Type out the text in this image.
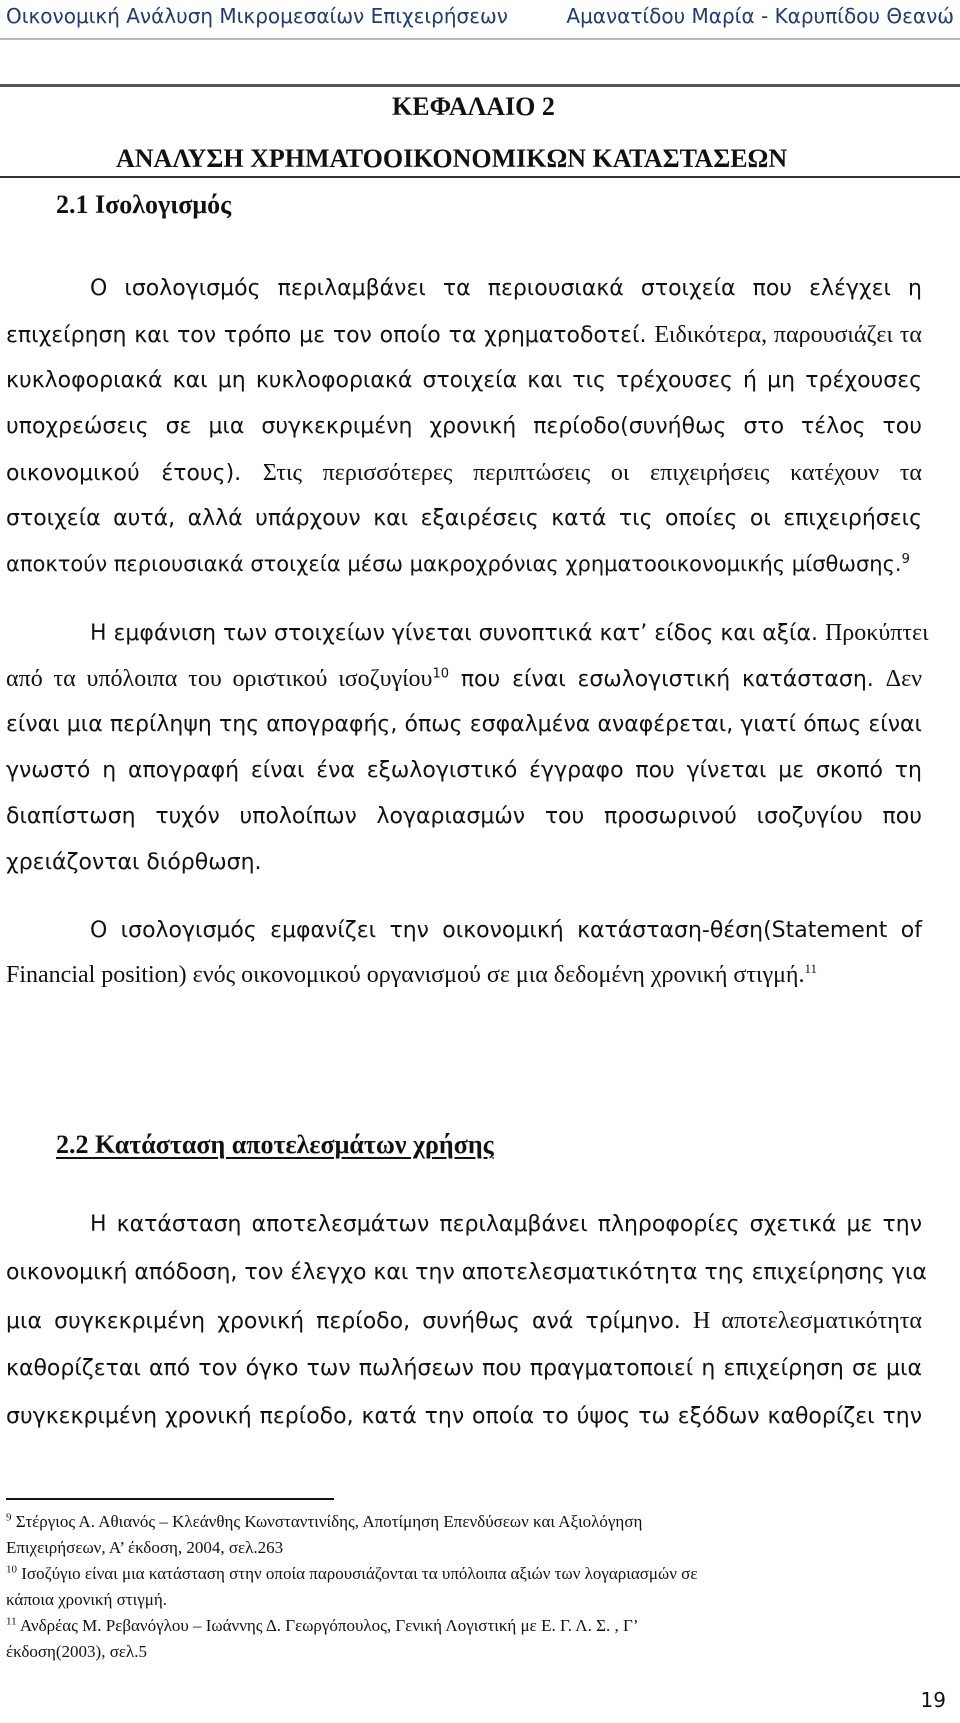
Οικονομική Ανάλυση Μικρομεσαίων Επιχειρήσεων	Αμανατίδου Μαρία - Καρυπίδου Θεανώ
ΚΕΦΑΛΑΙΟ 2
ΑΝΑΛΥΣΗ ΧΡΗΜΑΤΟΟΙΚΟΝΟΜΙΚΩΝ ΚΑΤΑΣΤΑΣΕΩΝ
2.1 Ισολογισμός
Ο ισολογισμός περιλαμβάνει τα περιουσιακά στοιχεία που ελέγχει η
επιχείρηση και τον τρόπο με τον οποίο τα χρηματοδοτεί. Ειδικότερα, παρουσιάζει τα
κυκλοφοριακά και μη κυκλοφοριακά στοιχεία και τις τρέχουσες ή μη τρέχουσες
υποχρεώσεις σε μια συγκεκριμένη χρονική περίοδο(συνήθως στο τέλος του
οικονομικού έτους). Στις περισσότερες περιπτώσεις οι επιχειρήσεις κατέχουν τα
στοιχεία αυτά, αλλά υπάρχουν και εξαιρέσεις κατά τις οποίες οι επιχειρήσεις
αποκτούν περιουσιακά στοιχεία μέσω μακροχρόνιας χρηματοοικονομικής μίσθωσης.$^9$
Η εμφάνιση των στοιχείων γίνεται συνοπτικά κατ’ είδος και αξία. Προκύπτει
από τα υπόλοιπα του οριστικού ισοζυγίου$^{10}$ που είναι εσωλογιστική κατάσταση. Δεν
είναι μια περίληψη της απογραφής, όπως εσφαλμένα αναφέρεται, γιατί όπως είναι
γνωστό η απογραφή είναι ένα εξωλογιστικό έγγραφο που γίνεται με σκοπό τη
διαπίστωση τυχόν υπολοίπων λογαριασμών του προσωρινού ισοζυγίου που
χρειάζονται διόρθωση.
Ο ισολογισμός εμφανίζει την οικονομική κατάσταση-θέση(Statement of
Financial position) ενός οικονομικού οργανισμού σε μια δεδομένη χρονική στιγμή.$^{11}$
2.2 Κατάσταση αποτελεσμάτων χρήσης
Η κατάσταση αποτελεσμάτων περιλαμβάνει πληροφορίες σχετικά με την
οικονομική απόδοση, τον έλεγχο και την αποτελεσματικότητα της επιχείρησης για
μια συγκεκριμένη χρονική περίοδο, συνήθως ανά τρίμηνο. Η αποτελεσματικότητα
καθορίζεται από τον όγκο των πωλήσεων που πραγματοποιεί η επιχείρηση σε μια
συγκεκριμένη χρονική περίοδο, κατά την οποία το ύψος τω εξόδων καθορίζει την
$^9$ Στέργιος Α. Αθιανός – Κλεάνθης Κωνσταντινίδης, Αποτίμηση Επενδύσεων και Αξιολόγηση
Επιχειρήσεων, Α’ έκδοση, 2004, σελ.263
$^{10}$ Ισοζύγιο είναι μια κατάσταση στην οποία παρουσιάζονται τα υπόλοιπα αξιών των λογαριασμών σε
κάποια χρονική στιγμή.
$^{11}$ Ανδρέας Μ. Ρεβανόγλου – Ιωάννης Δ. Γεωργόπουλος, Γενική Λογιστική με Ε. Γ. Λ. Σ. , Γ’
έκδοση(2003), σελ.5
19
